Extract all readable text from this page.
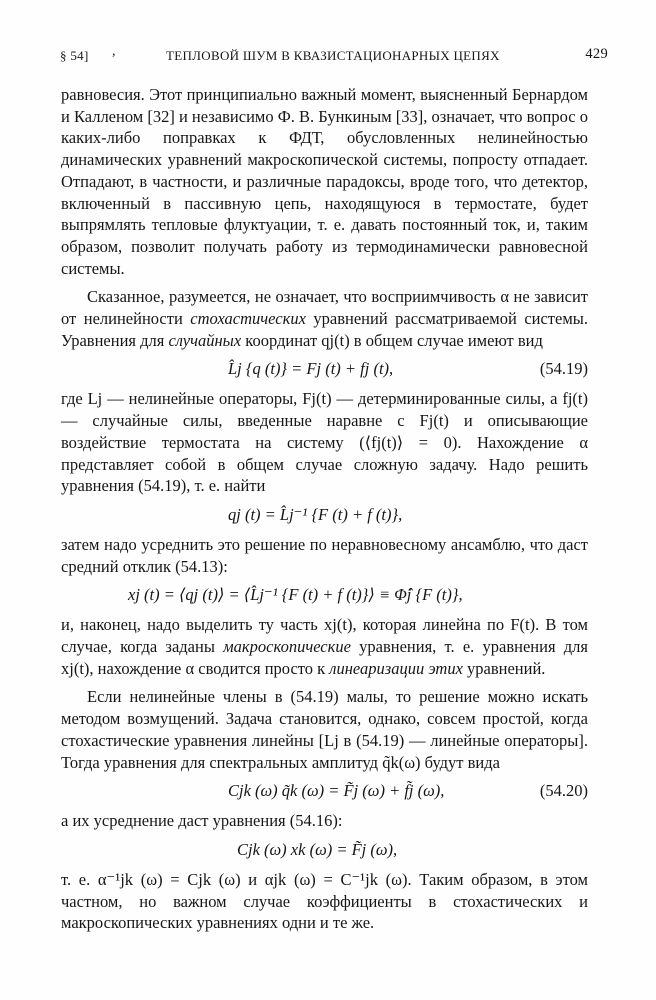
§ 54] ,	ТЕПЛОВОЙ ШУМ В КВАЗИСТАЦИОНАРНЫХ ЦЕПЯХ	429

равновесия. Этот принципиально важный момент, выясненный Бернардом и Калленом [32] и независимо Ф. В. Бункиным [33], означает, что вопрос о каких-либо поправках к ФДТ, обусловленных нелинейностью динамических уравнений макроскопической системы, попросту отпадает. Отпадают, в частности, и различные парадоксы, вроде того, что детектор, включенный в пассивную цепь, находящуюся в термостате, будет выпрямлять тепловые флуктуации, т. е. давать постоянный ток, и, таким образом, позволит получать работу из термодинамически равновесной системы.

Сказанное, разумеется, не означает, что восприимчивость α не зависит от нелинейности стохастических уравнений рассматриваемой системы. Уравнения для случайных координат qj(t) в общем случае имеют вид

L̂j {q (t)} = Fj (t) + fj (t),	(54.19)

где Lj — нелинейные операторы, Fj(t) — детерминированные силы, а fj(t) — случайные силы, введенные наравне с Fj(t) и описывающие воздействие термостата на систему (⟨fj(t)⟩ = 0). Нахождение α представляет собой в общем случае сложную задачу. Надо решить уравнения (54.19), т. е. найти

qj (t) = L̂j⁻¹ {F (t) + f (t)},

затем надо усреднить это решение по неравновесному ансамблю, что даст средний отклик (54.13):

xj (t) = ⟨qj (t)⟩ = ⟨L̂j⁻¹ {F (t) + f (t)}⟩ ≡ Φ̂j {F (t)},

и, наконец, надо выделить ту часть xj(t), которая линейна по F(t). В том случае, когда заданы макроскопические уравнения, т. е. уравнения для xj(t), нахождение α сводится просто к линеаризации этих уравнений.

Если нелинейные члены в (54.19) малы, то решение можно искать методом возмущений. Задача становится, однако, совсем простой, когда стохастические уравнения линейны [Lj в (54.19) — линейные операторы]. Тогда уравнения для спектральных амплитуд q̃k(ω) будут вида

Cjk (ω) q̃k (ω) = F̃j (ω) + f̃j (ω),	(54.20)

а их усреднение даст уравнения (54.16):

Cjk (ω) xk (ω) = F̃j (ω),

т. е. α⁻¹jk (ω) = Cjk (ω) и αjk (ω) = C⁻¹jk (ω). Таким образом, в этом частном, но важном случае коэффициенты в стохастических и макроскопических уравнениях одни и те же.
